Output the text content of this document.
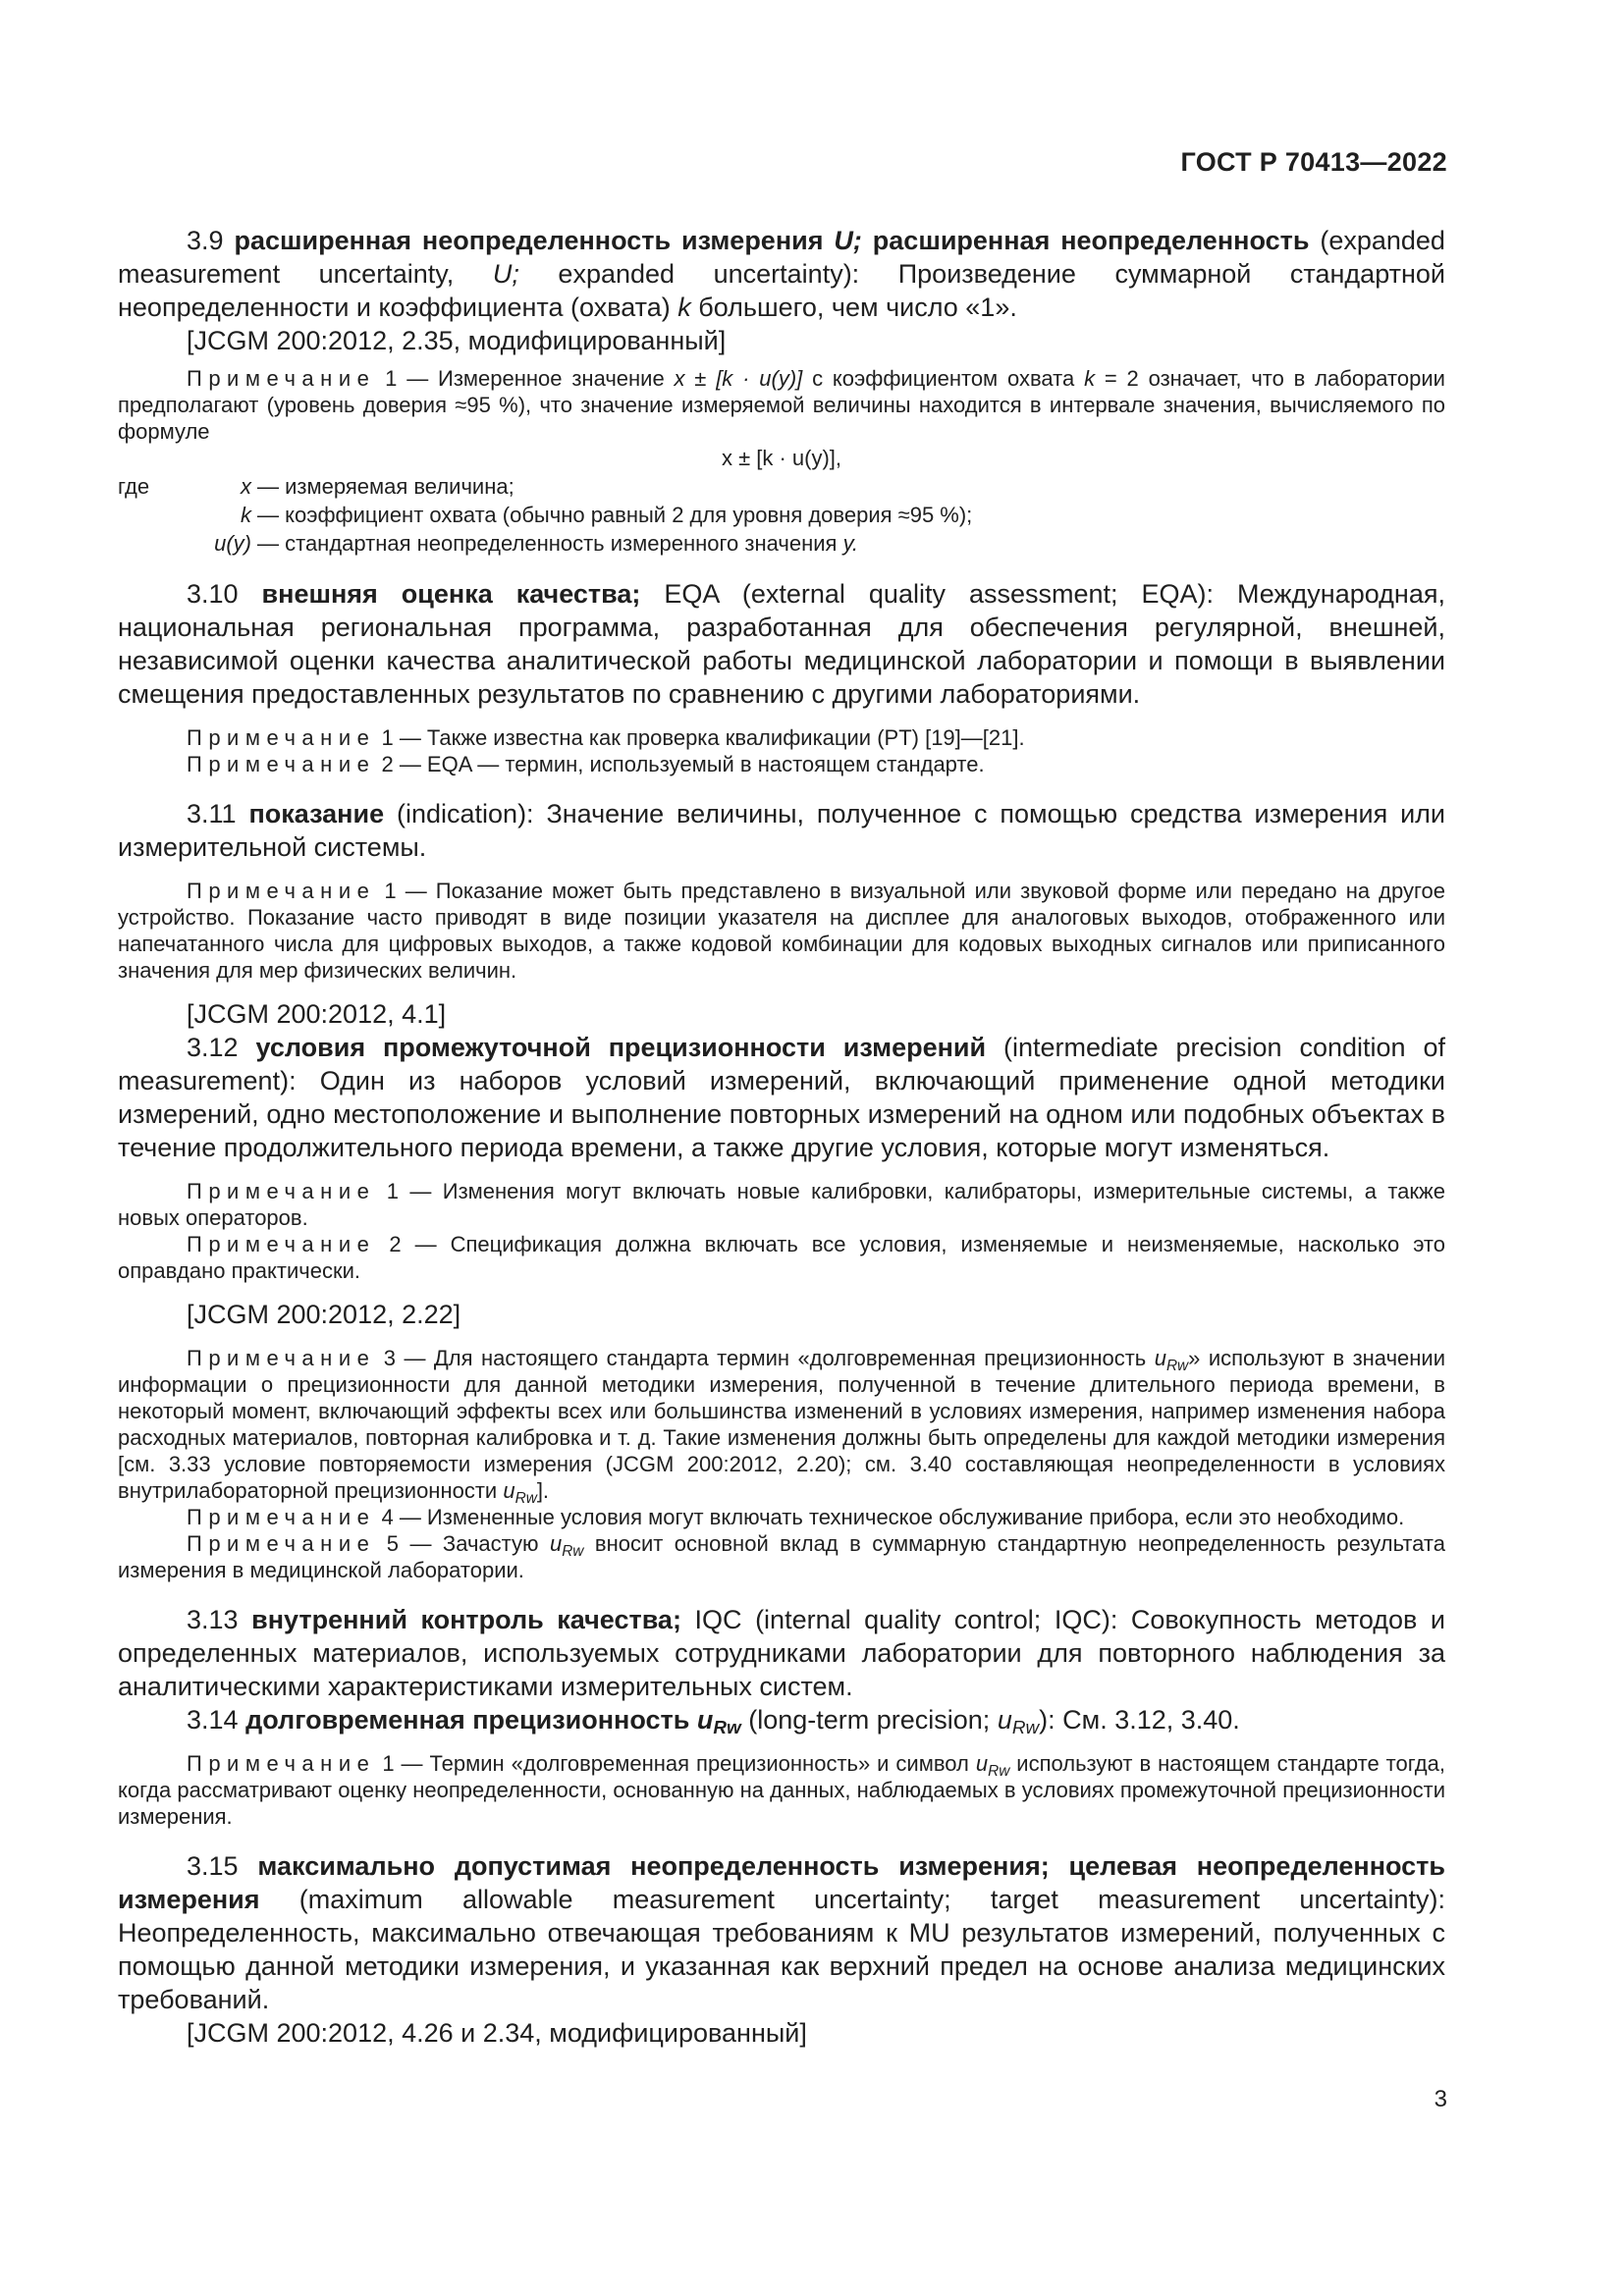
ГОСТ Р 70413—2022

3.9 расширенная неопределенность измерения U; расширенная неопределенность (expanded measurement uncertainty, U; expanded uncertainty): Произведение суммарной стандартной неопределенности и коэффициента (охвата) k большего, чем число «1».

[JCGM 200:2012, 2.35, модифицированный]

Примечание 1 — Измеренное значение x ± [k · u(y)] с коэффициентом охвата k = 2 означает, что в лаборатории предполагают (уровень доверия ≈95 %), что значение измеряемой величины находится в интервале значения, вычисляемого по формуле

x ± [k · u(y)],

где	x — измеряемая величина;
k — коэффициент охвата (обычно равный 2 для уровня доверия ≈95 %);
u(y) — стандартная неопределенность измеренного значения
y.

3.10 внешняя оценка качества; EQA (external quality assessment; EQA): Международная, национальная региональная программа, разработанная для обеспечения регулярной, внешней, независимой оценки качества аналитической работы медицинской лаборатории и помощи в выявлении смещения предоставленных результатов по сравнению с другими лабораториями.

Примечание 1 — Также известна как проверка квалификации (PT) [19]—[21].

Примечание 2 — EQA — термин, используемый в настоящем стандарте.

3.11 показание (indication): Значение величины, полученное с помощью средства измерения или измерительной системы.

Примечание 1 — Показание может быть представлено в визуальной или звуковой форме или передано на другое устройство. Показание часто приводят в виде позиции указателя на дисплее для аналоговых выходов, отображенного или напечатанного числа для цифровых выходов, а также кодовой комбинации для кодовых выходных сигналов или приписанного значения для мер физических величин.

[JCGM 200:2012, 4.1]

3.12 условия промежуточной прецизионности измерений (intermediate precision condition of measurement): Один из наборов условий измерений, включающий применение одной методики измерений, одно местоположение и выполнение повторных измерений на одном или подобных объектах в течение продолжительного периода времени, а также другие условия, которые могут изменяться.

Примечание 1 — Изменения могут включать новые калибровки, калибраторы, измерительные системы, а также новых операторов.

Примечание 2 — Спецификация должна включать все условия, изменяемые и неизменяемые, насколько это оправдано практически.

[JCGM 200:2012, 2.22]

Примечание 3 — Для настоящего стандарта термин «долговременная прецизионность $u_{Rw}$» используют в значении информации о прецизионности для данной методики измерения, полученной в течение длительного периода времени, в некоторый момент, включающий эффекты всех или большинства изменений в условиях измерения, например изменения набора расходных материалов, повторная калибровка и т. д. Такие изменения должны быть определены для каждой методики измерения [см. 3.33 условие повторяемости измерения (JCGM 200:2012, 2.20); см. 3.40 составляющая неопределенности в условиях внутрилабораторной прецизионности $u_{Rw}$].

Примечание 4 — Измененные условия могут включать техническое обслуживание прибора, если это необходимо.

Примечание 5 — Зачастую $u_{Rw}$ вносит основной вклад в суммарную стандартную неопределенность результата измерения в медицинской лаборатории.

3.13 внутренний контроль качества; IQC (internal quality control; IQC): Совокупность методов и определенных материалов, используемых сотрудниками лаборатории для повторного наблюдения за аналитическими характеристиками измерительных систем.

3.14 долговременная прецизионность $u_{Rw}$ (long-term precision; $u_{Rw}$): См. 3.12, 3.40.

Примечание 1 — Термин «долговременная прецизионность» и символ $u_{Rw}$ используют в настоящем стандарте тогда, когда рассматривают оценку неопределенности, основанную на данных, наблюдаемых в условиях промежуточной прецизионности измерения.

3.15 максимально допустимая неопределенность измерения; целевая неопределенность измерения (maximum allowable measurement uncertainty; target measurement uncertainty): Неопределенность, максимально отвечающая требованиям к MU результатов измерений, полученных с помощью данной методики измерения, и указанная как верхний предел на основе анализа медицинских требований.

[JCGM 200:2012, 4.26 и 2.34, модифицированный]

3
